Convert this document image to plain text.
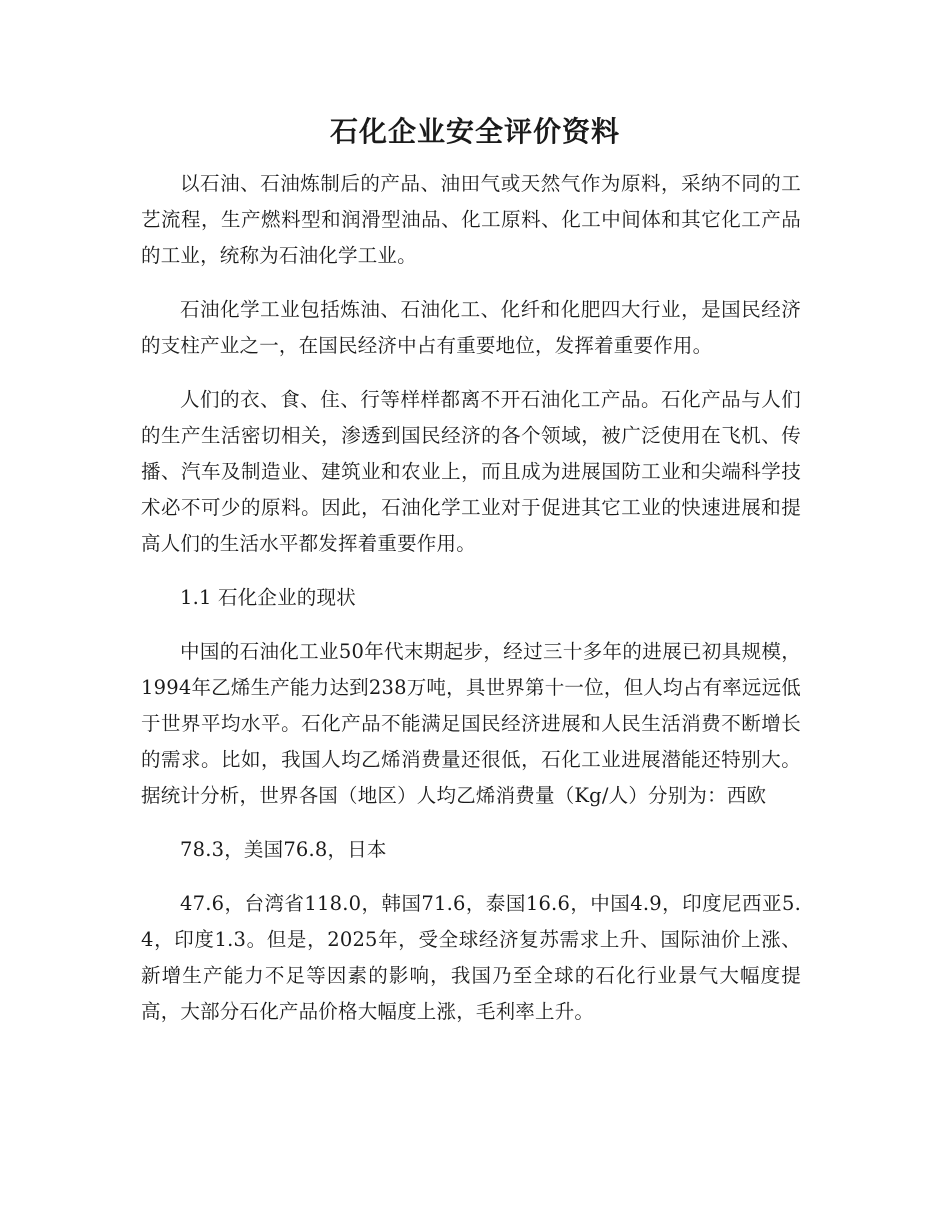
石化企业安全评价资料

以石油、石油炼制后的产品、油田气或天然气作为原料，采纳不同的工艺流程，生产燃料型和润滑型油品、化工原料、化工中间体和其它化工产品的工业，统称为石油化学工业。

石油化学工业包括炼油、石油化工、化纤和化肥四大行业，是国民经济的支柱产业之一，在国民经济中占有重要地位，发挥着重要作用。

人们的衣、食、住、行等样样都离不开石油化工产品。石化产品与人们的生产生活密切相关，渗透到国民经济的各个领域，被广泛使用在飞机、传播、汽车及制造业、建筑业和农业上，而且成为进展国防工业和尖端科学技术必不可少的原料。因此，石油化学工业对于促进其它工业的快速进展和提高人们的生活水平都发挥着重要作用。

1.1 石化企业的现状

中国的石油化工业50年代末期起步，经过三十多年的进展已初具规模，1994年乙烯生产能力达到238万吨，具世界第十一位，但人均占有率远远低于世界平均水平。石化产品不能满足国民经济进展和人民生活消费不断增长的需求。比如，我国人均乙烯消费量还很低，石化工业进展潜能还特别大。据统计分析，世界各国（地区）人均乙烯消费量（Kg/人）分别为：西欧

78.3，美国76.8，日本

47.6，台湾省118.0，韩国71.6，泰国16.6，中国4.9，印度尼西亚5.4，印度1.3。但是，2025年，受全球经济复苏需求上升、国际油价上涨、新增生产能力不足等因素的影响，我国乃至全球的石化行业景气大幅度提高，大部分石化产品价格大幅度上涨，毛利率上升。
